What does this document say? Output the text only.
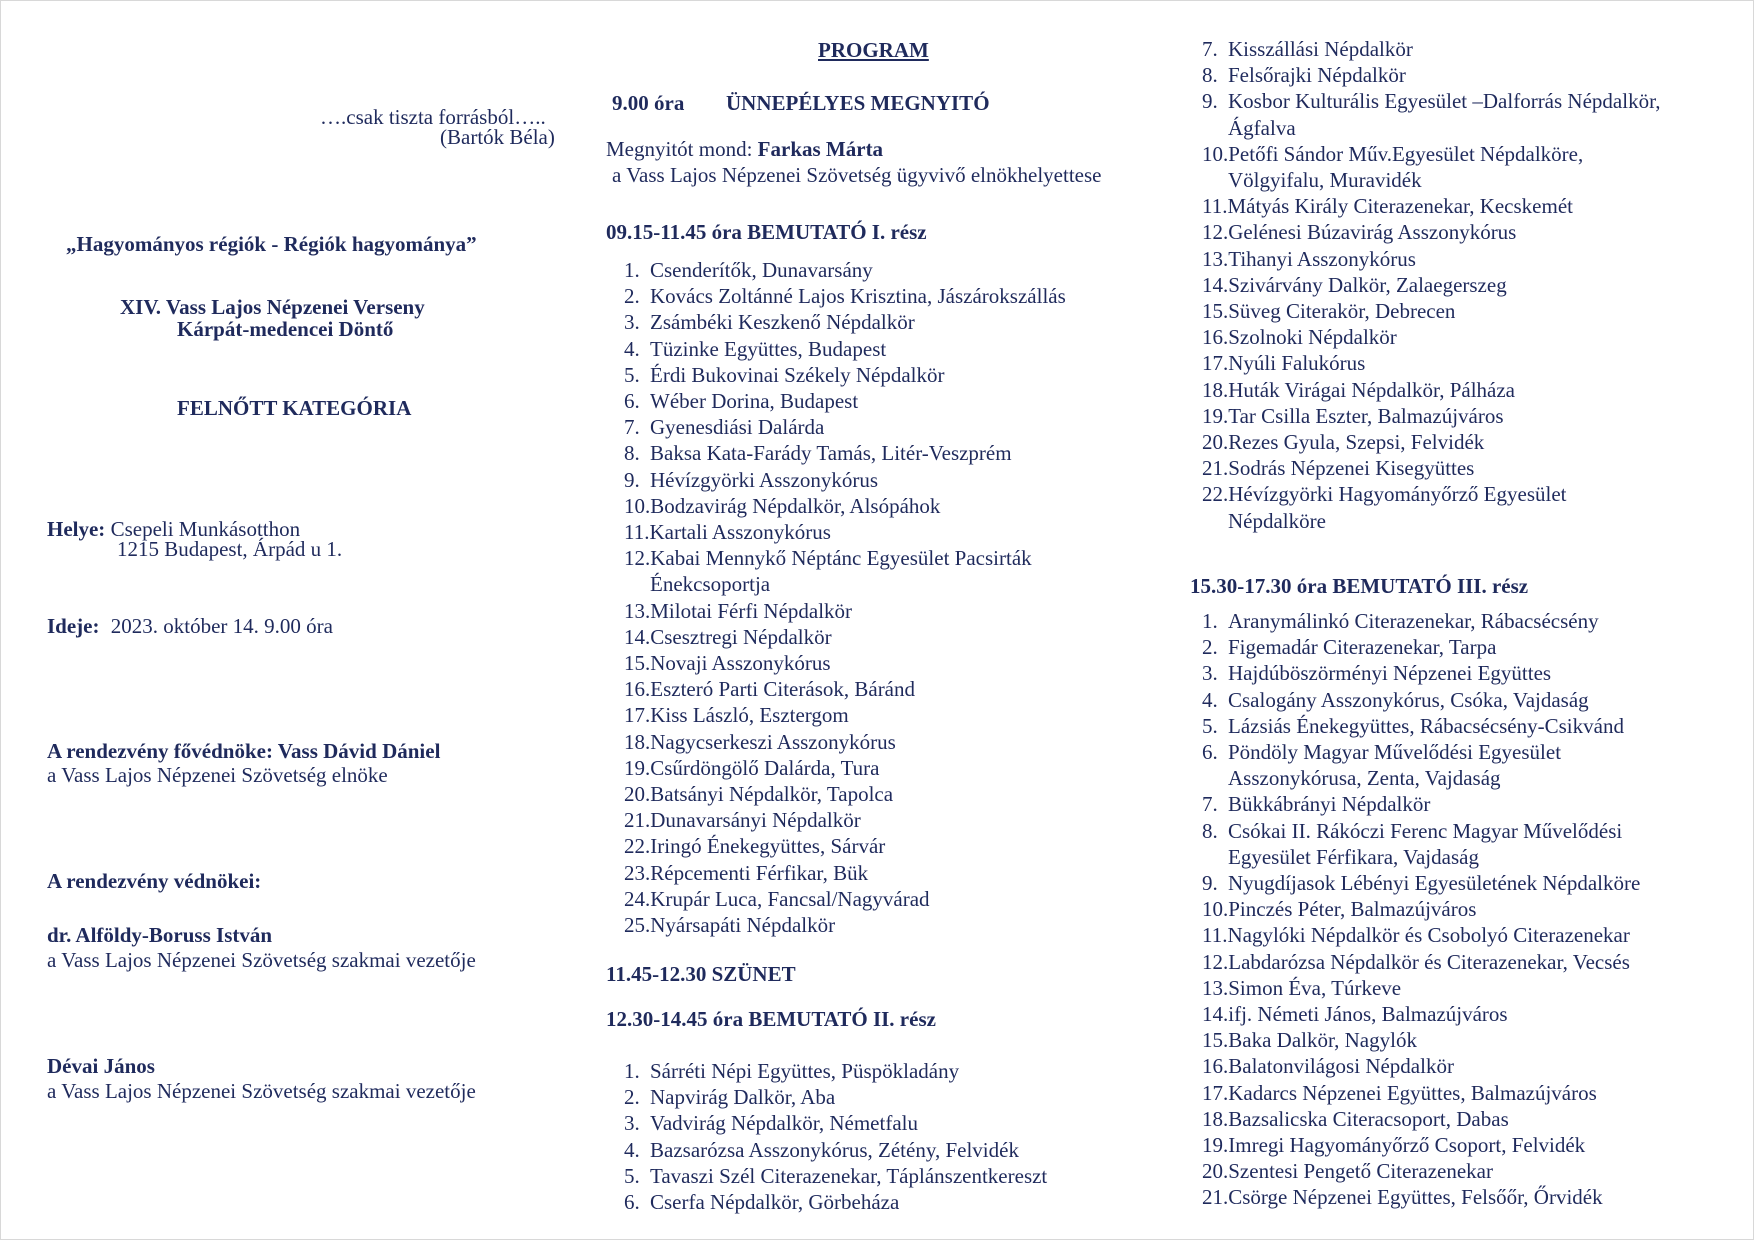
….csak tiszta forrásból…..
(Bartók Béla)
„Hagyományos régiók - Régiók hagyománya”
XIV. Vass Lajos Népzenei Verseny
Kárpát-medencei Döntő
FELNŐTT KATEGÓRIA
Helye: Csepeli Munkásotthon
1215 Budapest, Árpád u 1.
Ideje: 2023. október 14. 9.00 óra
A rendezvény fővédnöke: Vass Dávid Dániel
a Vass Lajos Népzenei Szövetség elnöke
A rendezvény védnökei:
dr. Alföldy-Boruss István
a Vass Lajos Népzenei Szövetség szakmai vezetője
Dévai János
a Vass Lajos Népzenei Szövetség szakmai vezetője
PROGRAM
9.00 óra ÜNNEPÉLYES MEGNYITÓ
Megnyitót mond: Farkas Márta
a Vass Lajos Népzenei Szövetség ügyvivő elnökhelyettese
09.15-11.45 óra BEMUTATÓ I. rész
1. Csenderítők, Dunavarsány
2. Kovács Zoltánné Lajos Krisztina, Jászárokszállás
3. Zsámbéki Keszkenő Népdalkör
4. Tüzinke Együttes, Budapest
5. Érdi Bukovinai Székely Népdalkör
6. Wéber Dorina, Budapest
7. Gyenesdiási Dalárda
8. Baksa Kata-Farády Tamás, Litér-Veszprém
9. Hévízgyörki Asszonykórus
10.Bodzavirág Népdalkör, Alsópáhok
11.Kartali Asszonykórus
12.Kabai Mennykő Néptánc Egyesület Pacsirták
Énekcsoportja
13.Milotai Férfi Népdalkör
14.Csesztregi Népdalkör
15.Novaji Asszonykórus
16.Eszteró Parti Citerások, Báránd
17.Kiss László, Esztergom
18.Nagycserkeszi Asszonykórus
19.Csűrdöngölő Dalárda, Tura
20.Batsányi Népdalkör, Tapolca
21.Dunavarsányi Népdalkör
22.Iringó Énekegyüttes, Sárvár
23.Répcementi Férfikar, Bük
24.Krupár Luca, Fancsal/Nagyvárad
25.Nyársapáti Népdalkör
11.45-12.30 SZÜNET
12.30-14.45 óra BEMUTATÓ II. rész
1. Sárréti Népi Együttes, Püspökladány
2. Napvirág Dalkör, Aba
3. Vadvirág Népdalkör, Németfalu
4. Bazsarózsa Asszonykórus, Zétény, Felvidék
5. Tavaszi Szél Citerazenekar, Táplánszentkereszt
6. Cserfa Népdalkör, Görbeháza
7. Kisszállási Népdalkör
8. Felsőrajki Népdalkör
9. Kosbor Kulturális Egyesület –Dalforrás Népdalkör,
Ágfalva
10.Petőfi Sándor Műv.Egyesület Népdalköre,
Völgyifalu, Muravidék
11.Mátyás Király Citerazenekar, Kecskemét
12.Gelénesi Búzavirág Asszonykórus
13.Tihanyi Asszonykórus
14.Szivárvány Dalkör, Zalaegerszeg
15.Süveg Citerakör, Debrecen
16.Szolnoki Népdalkör
17.Nyúli Falukórus
18.Huták Virágai Népdalkör, Pálháza
19.Tar Csilla Eszter, Balmazújváros
20.Rezes Gyula, Szepsi, Felvidék
21.Sodrás Népzenei Kisegyüttes
22.Hévízgyörki Hagyományőrző Egyesület
Népdalköre
15.30-17.30 óra BEMUTATÓ III. rész
1. Aranymálinkó Citerazenekar, Rábacsécsény
2. Figemadár Citerazenekar, Tarpa
3. Hajdúböszörményi Népzenei Együttes
4. Csalogány Asszonykórus, Csóka, Vajdaság
5. Lázsiás Énekegyüttes, Rábacsécsény-Csikvánd
6. Pöndöly Magyar Művelődési Egyesület
Asszonykórusa, Zenta, Vajdaság
7. Bükkábrányi Népdalkör
8. Csókai II. Rákóczi Ferenc Magyar Művelődési
Egyesület Férfikara, Vajdaság
9. Nyugdíjasok Lébényi Egyesületének Népdalköre
10.Pinczés Péter, Balmazújváros
11.Nagylóki Népdalkör és Csobolyó Citerazenekar
12.Labdarózsa Népdalkör és Citerazenekar, Vecsés
13.Simon Éva, Túrkeve
14.ifj. Németi János, Balmazújváros
15.Baka Dalkör, Nagylók
16.Balatonvilágosi Népdalkör
17.Kadarcs Népzenei Együttes, Balmazújváros
18.Bazsalicska Citeracsoport, Dabas
19.Imregi Hagyományőrző Csoport, Felvidék
20.Szentesi Pengető Citerazenekar
21.Csörge Népzenei Együttes, Felsőőr, Őrvidék
